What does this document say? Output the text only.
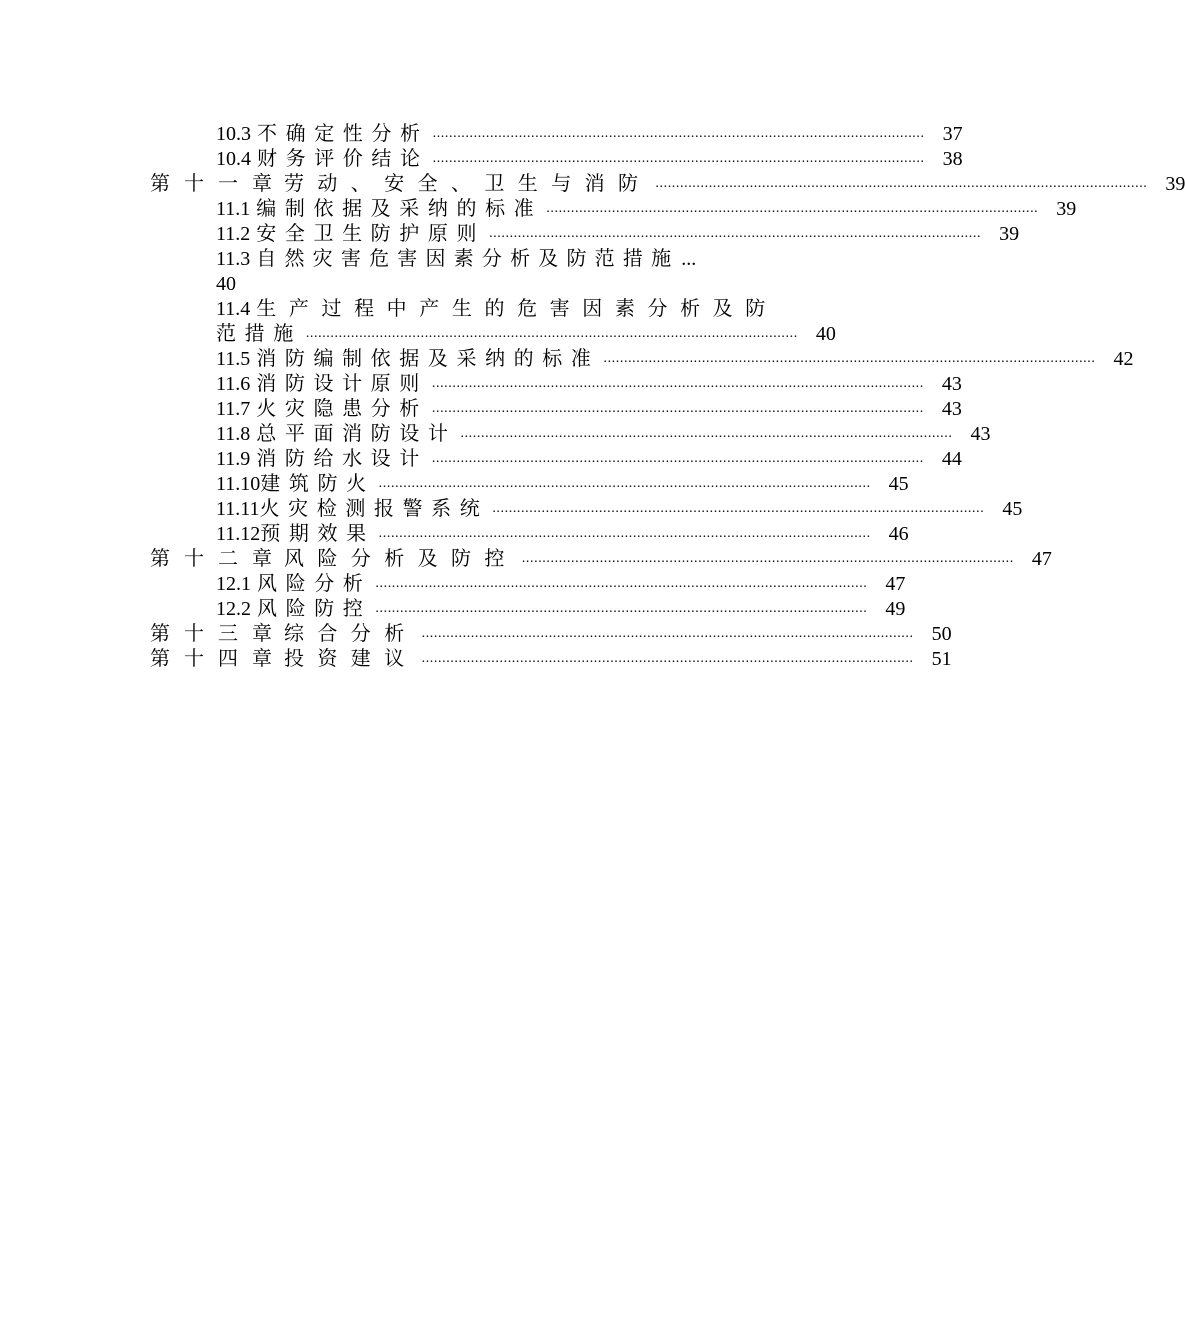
10.3 不确定性分析 ........................................................................................................................ 37
10.4 财务评价结论 ........................................................................................................................ 38
第十一章
劳动、安全、卫生与消防 ........................................................................................................................ 39
11.1 编制依据及采纳的标准 ........................................................................................................................ 39
11.2 安全卫生防护原则 ........................................................................................................................ 39
11.3 自然灾害危害因素分析及防范措施 ...
40
11.4 生产过程中产生的危害因素分析及防
范措施 ........................................................................................................................ 40
11.5 消防编制依据及采纳的标准 ........................................................................................................................ 42
11.6 消防设计原则 ........................................................................................................................ 43
11.7 火灾隐患分析 ........................................................................................................................ 43
11.8 总平面消防设计 ........................................................................................................................ 43
11.9 消防给水设计 ........................................................................................................................ 44
11.10 建筑防火 ........................................................................................................................ 45
11.11 火灾检测报警系统 ........................................................................................................................ 45
11.12 预期效果 ........................................................................................................................ 46
第十二章
风险分析及防控 ........................................................................................................................ 47
12.1 风险分析 ........................................................................................................................ 47
12.2 风险防控 ........................................................................................................................ 49
第十三章
综合分析 ........................................................................................................................ 50
第十四章
投资建议 ........................................................................................................................ 51
